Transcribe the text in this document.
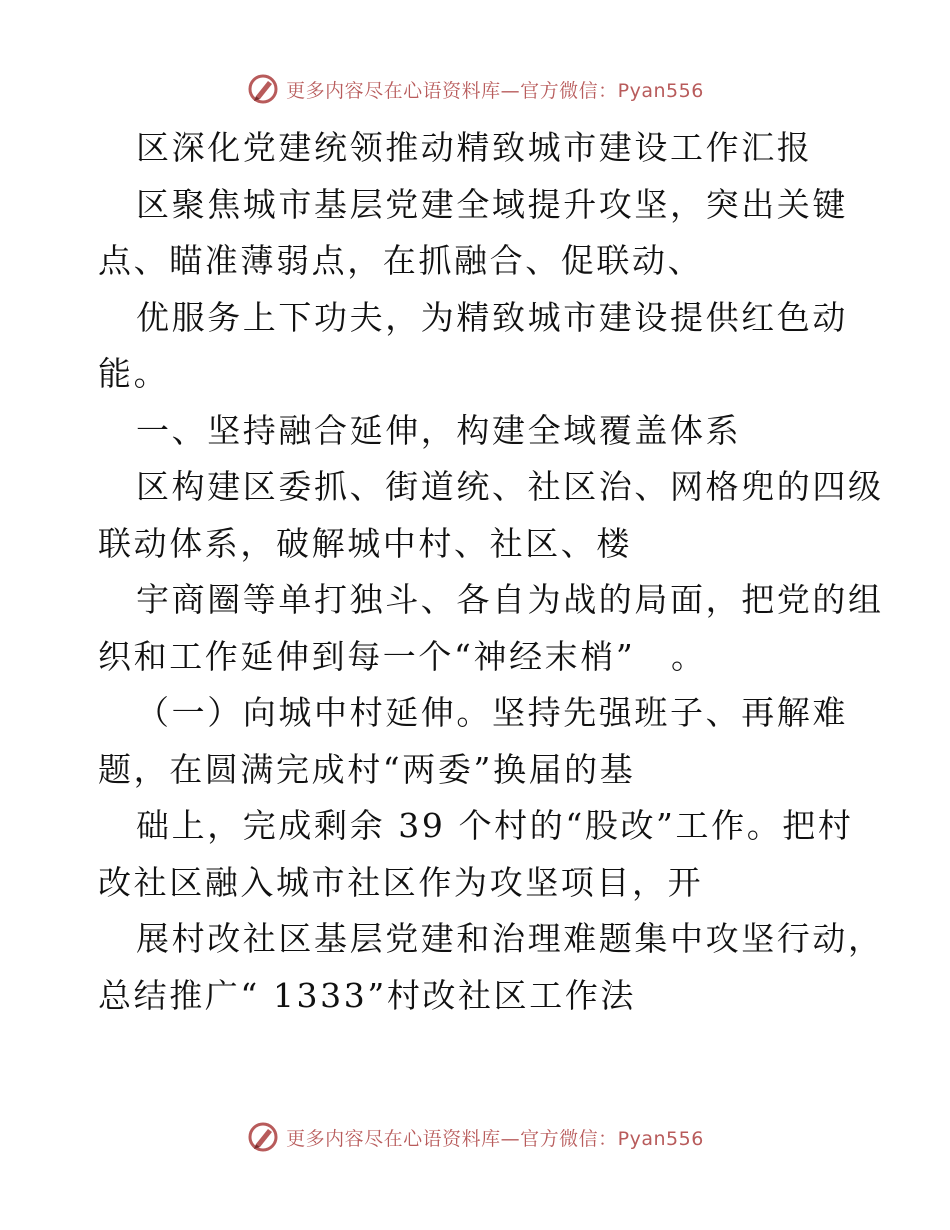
更多内容尽在心语资料库—官方微信：Pyan556
区深化党建统领推动精致城市建设工作汇报
区聚焦城市基层党建全域提升攻坚，突出关键
点、瞄准薄弱点，在抓融合、促联动、
优服务上下功夫，为精致城市建设提供红色动
能。
一、坚持融合延伸，构建全域覆盖体系
区构建区委抓、街道统、社区治、网格兜的四级
联动体系，破解城中村、社区、楼
宇商圈等单打独斗、各自为战的局面，把党的组
织和工作延伸到每一个“神经末梢”　。
（一）向城中村延伸。坚持先强班子、再解难
题，在圆满完成村“两委”换届的基
础上，完成剩余 39 个村的“股改”工作。把村
改社区融入城市社区作为攻坚项目，开
展村改社区基层党建和治理难题集中攻坚行动，
总结推广“ 1333”村改社区工作法
更多内容尽在心语资料库—官方微信：Pyan556
